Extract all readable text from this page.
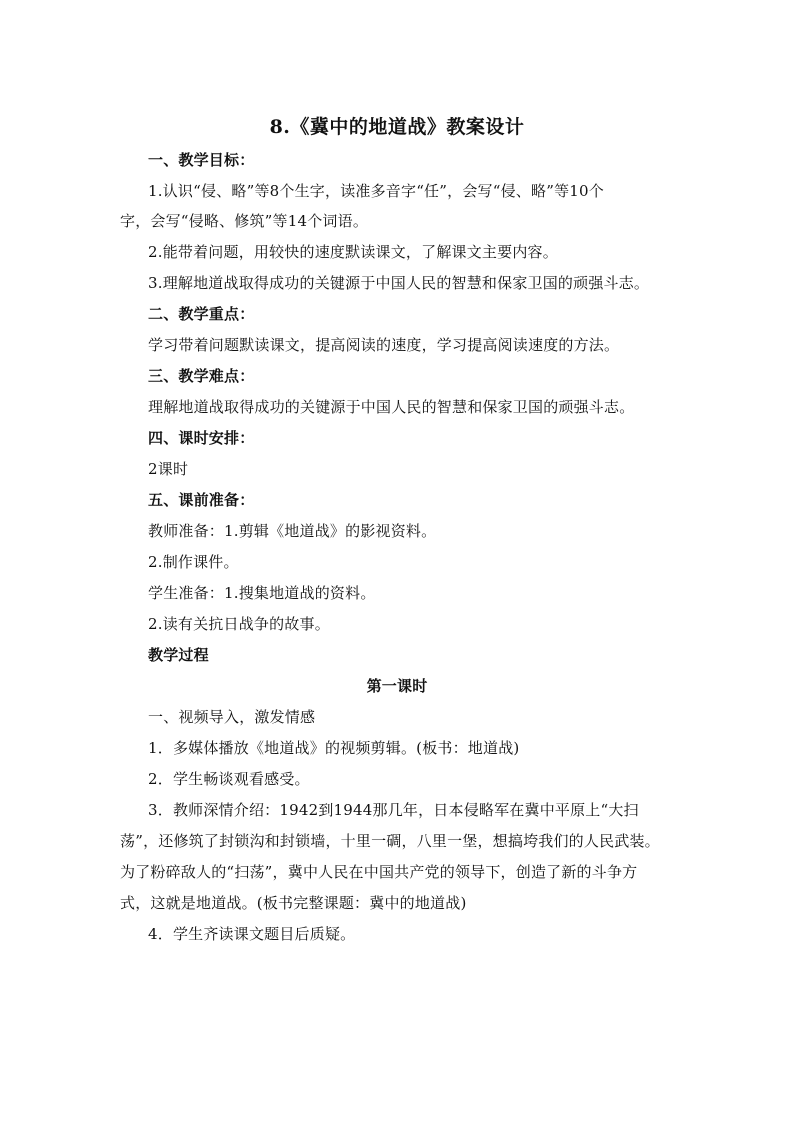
8.《冀中的地道战》教案设计
一、教学目标：
1.认识“侵、略”等8个生字，读准多音字“任”，会写“侵、略”等10个
字，会写“侵略、修筑”等14个词语。
2.能带着问题，用较快的速度默读课文，了解课文主要内容。
3.理解地道战取得成功的关键源于中国人民的智慧和保家卫国的顽强斗志。
二、教学重点：
学习带着问题默读课文，提高阅读的速度，学习提高阅读速度的方法。
三、教学难点：
理解地道战取得成功的关键源于中国人民的智慧和保家卫国的顽强斗志。
四、课时安排：
2课时
五、课前准备：
教师准备：1.剪辑《地道战》的影视资料。
2.制作课件。
学生准备：1.搜集地道战的资料。
2.读有关抗日战争的故事。
教学过程
第一课时
一、视频导入，激发情感
1．多媒体播放《地道战》的视频剪辑。(板书：地道战)
2．学生畅谈观看感受。
3．教师深情介绍：1942到1944那几年，日本侵略军在冀中平原上“大扫
荡”，还修筑了封锁沟和封锁墙，十里一碉，八里一堡，想搞垮我们的人民武装。
为了粉碎敌人的“扫荡”，冀中人民在中国共产党的领导下，创造了新的斗争方
式，这就是地道战。(板书完整课题：冀中的地道战)
4．学生齐读课文题目后质疑。
